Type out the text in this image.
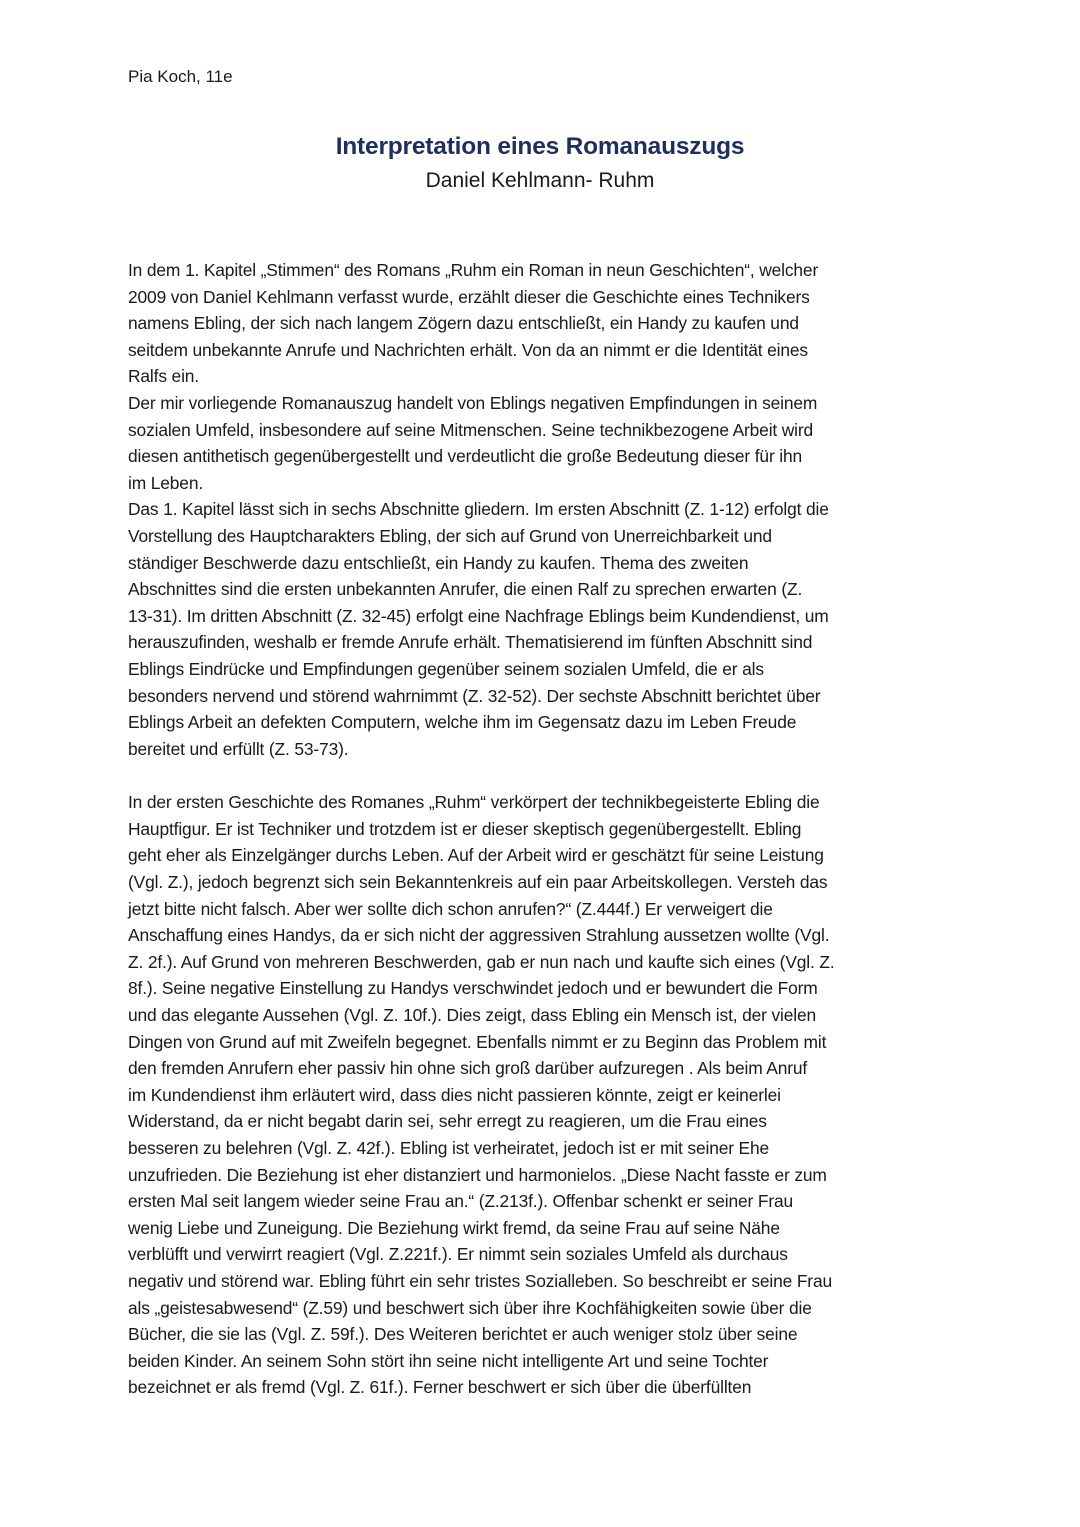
Pia Koch, 11e
Interpretation eines Romanauszugs
Daniel Kehlmann- Ruhm

In dem 1. Kapitel „Stimmen“ des Romans „Ruhm ein Roman in neun Geschichten“, welcher

2009 von Daniel Kehlmann verfasst wurde, erzählt dieser die Geschichte eines Technikers

namens Ebling, der sich nach langem Zögern dazu entschließt, ein Handy zu kaufen und

seitdem unbekannte Anrufe und Nachrichten erhält. Von da an nimmt er die Identität eines

Ralfs ein.

Der mir vorliegende Romanauszug handelt von Eblings negativen Empfindungen in seinem

sozialen Umfeld, insbesondere auf seine Mitmenschen. Seine technikbezogene Arbeit wird

diesen antithetisch gegenübergestellt und verdeutlicht die große Bedeutung dieser für ihn

im Leben.

Das 1. Kapitel lässt sich in sechs Abschnitte gliedern. Im ersten Abschnitt (Z. 1-12) erfolgt die

Vorstellung des Hauptcharakters Ebling, der sich auf Grund von Unerreichbarkeit und

ständiger Beschwerde dazu entschließt, ein Handy zu kaufen. Thema des zweiten

Abschnittes sind die ersten unbekannten Anrufer, die einen Ralf zu sprechen erwarten (Z.

13-31). Im dritten Abschnitt (Z. 32-45) erfolgt eine Nachfrage Eblings beim Kundendienst, um

herauszufinden, weshalb er fremde Anrufe erhält. Thematisierend im fünften Abschnitt sind

Eblings Eindrücke und Empfindungen gegenüber seinem sozialen Umfeld, die er als

besonders nervend und störend wahrnimmt (Z. 32-52). Der sechste Abschnitt berichtet über

Eblings Arbeit an defekten Computern, welche ihm im Gegensatz dazu im Leben Freude

bereitet und erfüllt (Z. 53-73).

In der ersten Geschichte des Romanes „Ruhm“ verkörpert der technikbegeisterte Ebling die

Hauptfigur. Er ist Techniker und trotzdem ist er dieser skeptisch gegenübergestellt. Ebling

geht eher als Einzelgänger durchs Leben. Auf der Arbeit wird er geschätzt für seine Leistung

(Vgl. Z.), jedoch begrenzt sich sein Bekanntenkreis auf ein paar Arbeitskollegen. Versteh das

jetzt bitte nicht falsch. Aber wer sollte dich schon anrufen?“ (Z.444f.) Er verweigert die

Anschaffung eines Handys, da er sich nicht der aggressiven Strahlung aussetzen wollte (Vgl.

Z. 2f.). Auf Grund von mehreren Beschwerden, gab er nun nach und kaufte sich eines (Vgl. Z.

8f.). Seine negative Einstellung zu Handys verschwindet jedoch und er bewundert die Form

und das elegante Aussehen (Vgl. Z. 10f.). Dies zeigt, dass Ebling ein Mensch ist, der vielen

Dingen von Grund auf mit Zweifeln begegnet. Ebenfalls nimmt er zu Beginn das Problem mit

den fremden Anrufern eher passiv hin ohne sich groß darüber aufzuregen . Als beim Anruf

im Kundendienst ihm erläutert wird, dass dies nicht passieren könnte, zeigt er keinerlei

Widerstand, da er nicht begabt darin sei, sehr erregt zu reagieren, um die Frau eines

besseren zu belehren (Vgl. Z. 42f.). Ebling ist verheiratet, jedoch ist er mit seiner Ehe

unzufrieden. Die Beziehung ist eher distanziert und harmonielos. „Diese Nacht fasste er zum

ersten Mal seit langem wieder seine Frau an.“ (Z.213f.). Offenbar schenkt er seiner Frau

wenig Liebe und Zuneigung. Die Beziehung wirkt fremd, da seine Frau auf seine Nähe

verblüfft und verwirrt reagiert (Vgl. Z.221f.). Er nimmt sein soziales Umfeld als durchaus

negativ und störend war. Ebling führt ein sehr tristes Sozialleben. So beschreibt er seine Frau

als „geistesabwesend“ (Z.59) und beschwert sich über ihre Kochfähigkeiten sowie über die

Bücher, die sie las (Vgl. Z. 59f.). Des Weiteren berichtet er auch weniger stolz über seine

beiden Kinder. An seinem Sohn stört ihn seine nicht intelligente Art und seine Tochter

bezeichnet er als fremd (Vgl. Z. 61f.). Ferner beschwert er sich über die überfüllten
